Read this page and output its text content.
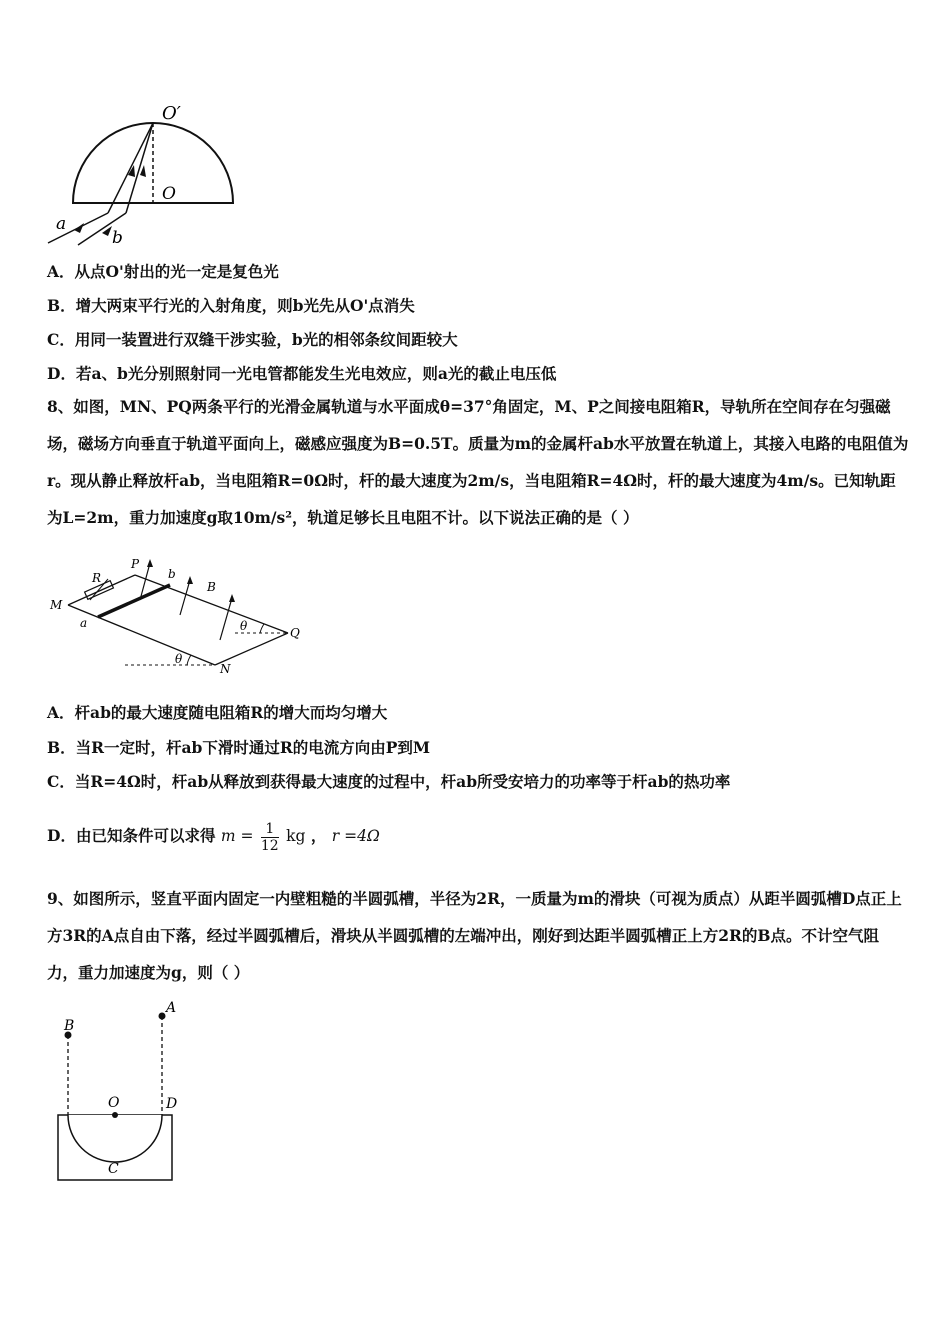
O′
O
a
b
A．从点O'射出的光一定是复色光
B．增大两束平行光的入射角度，则b光先从O'点消失
C．用同一装置进行双缝干涉实验，b光的相邻条纹间距较大
D．若a、b光分别照射同一光电管都能发生光电效应，则a光的截止电压低
8、如图，MN、PQ两条平行的光滑金属轨道与水平面成θ=37°角固定，M、P之间接电阻箱R，导轨所在空间存在匀强磁场，磁场方向垂直于轨道平面向上，磁感应强度为B=0.5T。质量为m的金属杆ab水平放置在轨道上，其接入电路的电阻值为r。现从静止释放杆ab，当电阻箱R=0Ω时，杆的最大速度为2m/s，当电阻箱R=4Ω时，杆的最大速度为4m/s。已知轨距为L=2m，重力加速度g取10m/s²，轨道足够长且电阻不计。以下说法正确的是（ ）
R
P
b
B
M
a	θ	Q
θ
N
A．杆ab的最大速度随电阻箱R的增大而均匀增大
B．当R一定时，杆ab下滑时通过R的电流方向由P到M
C．当R=4Ω时，杆ab从释放到获得最大速度的过程中，杆ab所受安培力的功率等于杆ab的热功率
D．由已知条件可以求得 $m = \frac{1}{12}$ kg ， r =4Ω
9、如图所示，竖直平面内固定一内壁粗糙的半圆弧槽，半径为2R，一质量为m的滑块（可视为质点）从距半圆弧槽D点正上方3R的A点自由下落，经过半圆弧槽后，滑块从半圆弧槽的左端冲出，刚好到达距半圆弧槽正上方2R的B点。不计空气阻力，重力加速度为g，则（ ）
A
B
O	D
C
